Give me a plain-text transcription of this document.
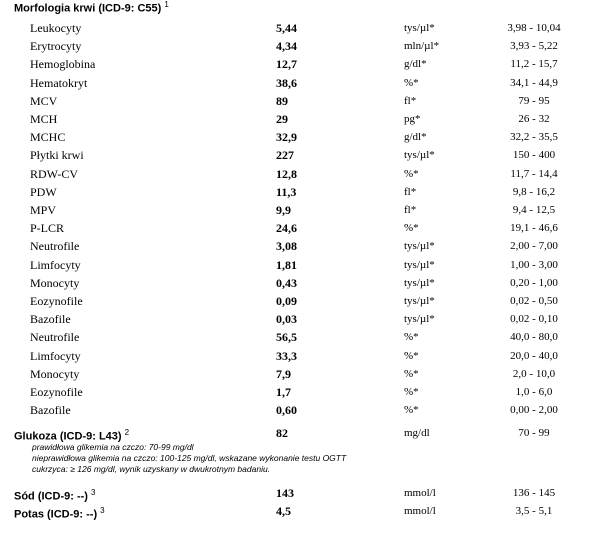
Morfologia krwi (ICD-9: C55) $^1$
Leukocyty	5,44	tys/µl*	3,98 - 10,04
Erytrocyty	4,34	mln/µl*	3,93 - 5,22
Hemoglobina	12,7	g/dl*	11,2 - 15,7
Hematokryt	38,6	%*	34,1 - 44,9
MCV	89	fl*	79 - 95
MCH	29	pg*	26 - 32
MCHC	32,9	g/dl*	32,2 - 35,5
Płytki krwi	227	tys/µl*	150 - 400
RDW-CV	12,8	%*	11,7 - 14,4
PDW	11,3	fl*	9,8 - 16,2
MPV	9,9	fl*	9,4 - 12,5
P-LCR	24,6	%*	19,1 - 46,6
Neutrofile	3,08	tys/µl*	2,00 - 7,00
Limfocyty	1,81	tys/µl*	1,00 - 3,00
Monocyty	0,43	tys/µl*	0,20 - 1,00
Eozynofile	0,09	tys/µl*	0,02 - 0,50
Bazofile	0,03	tys/µl*	0,02 - 0,10
Neutrofile	56,5	%*	40,0 - 80,0
Limfocyty	33,3	%*	20,0 - 40,0
Monocyty	7,9	%*	2,0 - 10,0
Eozynofile	1,7	%*	1,0 - 6,0
Bazofile	0,60	%*	0,00 - 2,00
Glukoza (ICD-9: L43) $^2$	82	mg/dl	70 - 99
prawidłowa glikemia na czczo: 70-99 mg/dl
nieprawidłowa glikemia na czczo: 100-125 mg/dl, wskazane wykonanie testu OGTT
cukrzyca: ≥ 126 mg/dl, wynik uzyskany w dwukrotnym badaniu.
Sód (ICD-9: --) $^3$	143	mmol/l	136 - 145
Potas (ICD-9: --) $^3$	4,5	mmol/l	3,5 - 5,1
